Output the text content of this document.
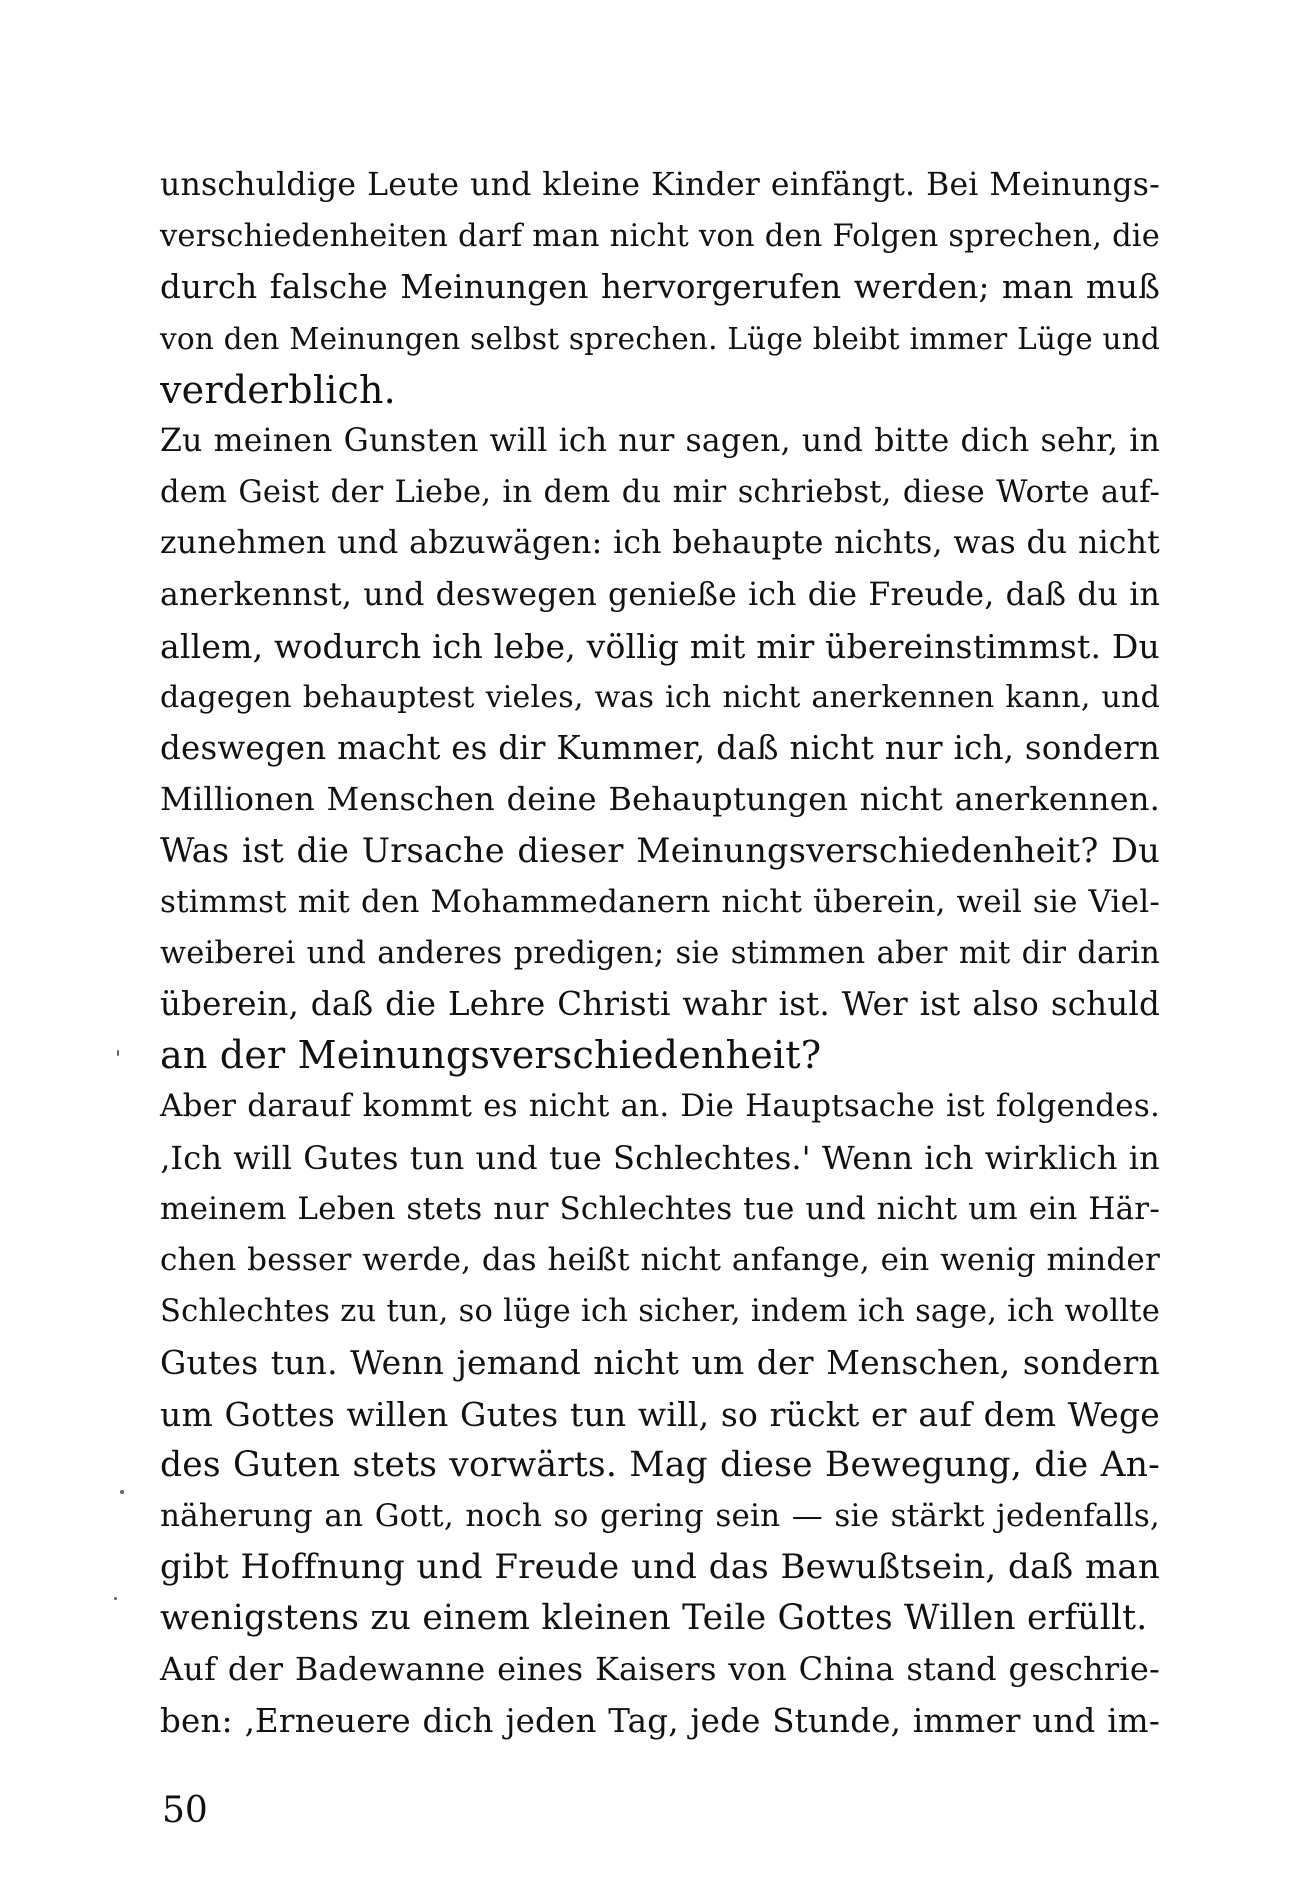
unschuldige Leute und kleine Kinder einfängt. Bei Meinungs-
verschiedenheiten darf man nicht von den Folgen sprechen, die
durch falsche Meinungen hervorgerufen werden; man muß
von den Meinungen selbst sprechen. Lüge bleibt immer Lüge und
verderblich.
Zu meinen Gunsten will ich nur sagen, und bitte dich sehr, in
dem Geist der Liebe, in dem du mir schriebst, diese Worte auf-
zunehmen und abzuwägen: ich behaupte nichts, was du nicht
anerkennst, und deswegen genieße ich die Freude, daß du in
allem, wodurch ich lebe, völlig mit mir übereinstimmst. Du
dagegen behauptest vieles, was ich nicht anerkennen kann, und
deswegen macht es dir Kummer, daß nicht nur ich, sondern
Millionen Menschen deine Behauptungen nicht anerkennen.
Was ist die Ursache dieser Meinungsverschiedenheit? Du
stimmst mit den Mohammedanern nicht überein, weil sie Viel-
weiberei und anderes predigen; sie stimmen aber mit dir darin
überein, daß die Lehre Christi wahr ist. Wer ist also schuld
an der Meinungsverschiedenheit?
Aber darauf kommt es nicht an. Die Hauptsache ist folgendes.
‚Ich will Gutes tun und tue Schlechtes.' Wenn ich wirklich in
meinem Leben stets nur Schlechtes tue und nicht um ein Här-
chen besser werde, das heißt nicht anfange, ein wenig minder
Schlechtes zu tun, so lüge ich sicher, indem ich sage, ich wollte
Gutes tun. Wenn jemand nicht um der Menschen, sondern
um Gottes willen Gutes tun will, so rückt er auf dem Wege
des Guten stets vorwärts. Mag diese Bewegung, die An-
näherung an Gott, noch so gering sein — sie stärkt jedenfalls,
gibt Hoffnung und Freude und das Bewußtsein, daß man
wenigstens zu einem kleinen Teile Gottes Willen erfüllt.
Auf der Badewanne eines Kaisers von China stand geschrie-
ben: ‚Erneuere dich jeden Tag, jede Stunde, immer und im-
50
